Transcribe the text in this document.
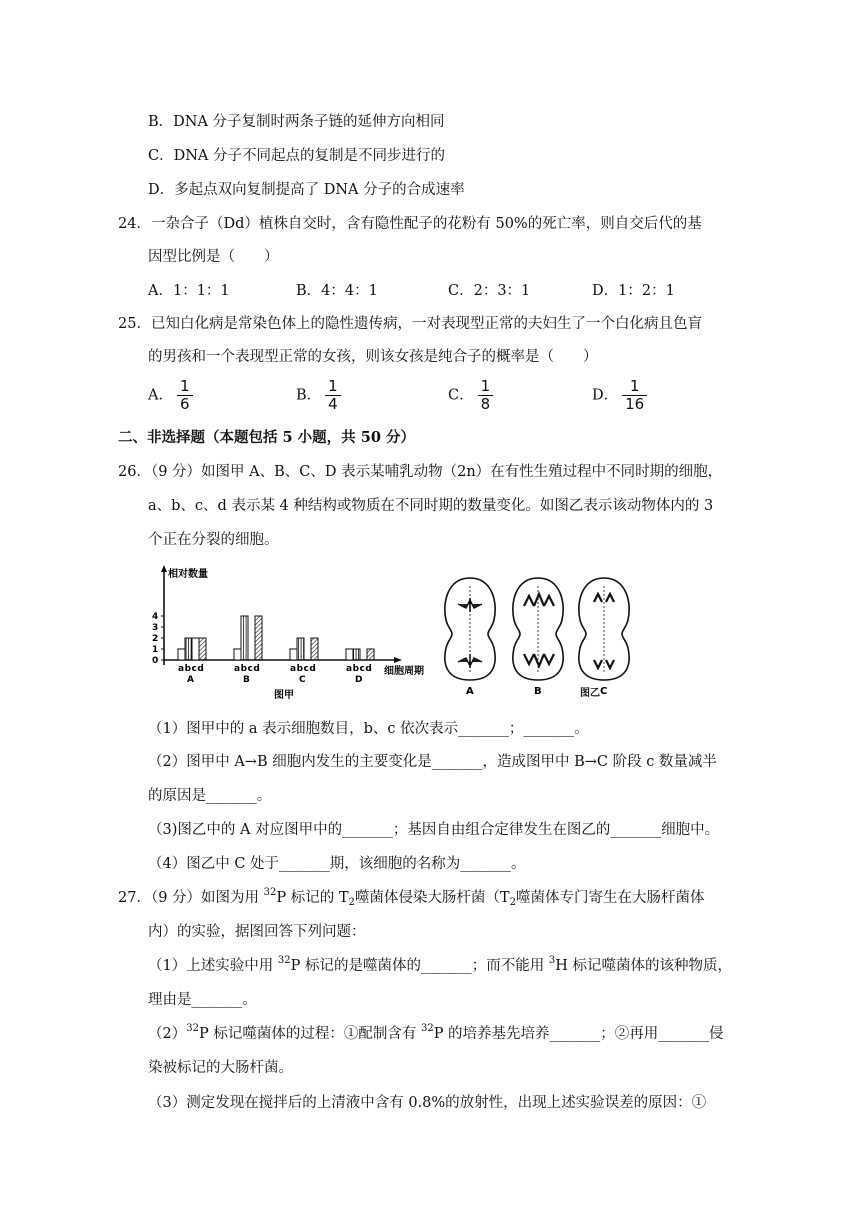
B．DNA 分子复制时两条子链的延伸方向相同
C．DNA 分子不同起点的复制是不同步进行的
D．多起点双向复制提高了 DNA 分子的合成速率
24．一杂合子（Dd）植株自交时，含有隐性配子的花粉有 50%的死亡率，则自交后代的基
因型比例是（　　）
A．1：1：1	B．4：4：1	C．2：3：1	D．1：2：1
25．已知白化病是常染色体上的隐性遗传病，一对表现型正常的夫妇生了一个白化病且色盲
的男孩和一个表现型正常的女孩，则该女孩是纯合子的概率是（　　）
A． $\frac{1}{6}$	B． $\frac{1}{4}$	C． $\frac{1}{8}$	D． $\frac{1}{16}$
二、非选择题（本题包括 5 小题，共 50 分）
26．（9 分）如图甲 A、B、C、D 表示某哺乳动物（2n）在有性生殖过程中不同时期的细胞，
a、b、c、d 表示某 4 种结构或物质在不同时期的数量变化。如图乙表示该动物体内的 3
个正在分裂的细胞。
相对数量
4
3
2
1
0
abcd
A
abcd
B
abcd
C
abcd
D
细胞周期
图甲	A	B	C
图乙
（1）图甲中的 a 表示细胞数目，b、c 依次表示_______；_______。
（2）图甲中 A→B 细胞内发生的主要变化是_______，造成图甲中 B→C 阶段 c 数量减半
的原因是_______。
（3)图乙中的 A 对应图甲中的_______；基因自由组合定律发生在图乙的_______细胞中。
（4）图乙中 C 处于_______期，该细胞的名称为_______。
27．（9 分）如图为用 $^{32}$P 标记的 $T_2$噬菌体侵染大肠杆菌（$T_2$噬菌体专门寄生在大肠杆菌体
内）的实验，据图回答下列问题：
（1）上述实验中用 $^{32}$P 标记的是噬菌体的_______；而不能用 $^3$H 标记噬菌体的该种物质，
理由是_______。
$(2)^{32}P$ 标记噬菌体的过程：①配制含有 $^{32}$P 的培养基先培养_______；②再用_______侵
染被标记的大肠杆菌。
（3）测定发现在搅拌后的上清液中含有 0.8%的放射性，出现上述实验误差的原因：①
